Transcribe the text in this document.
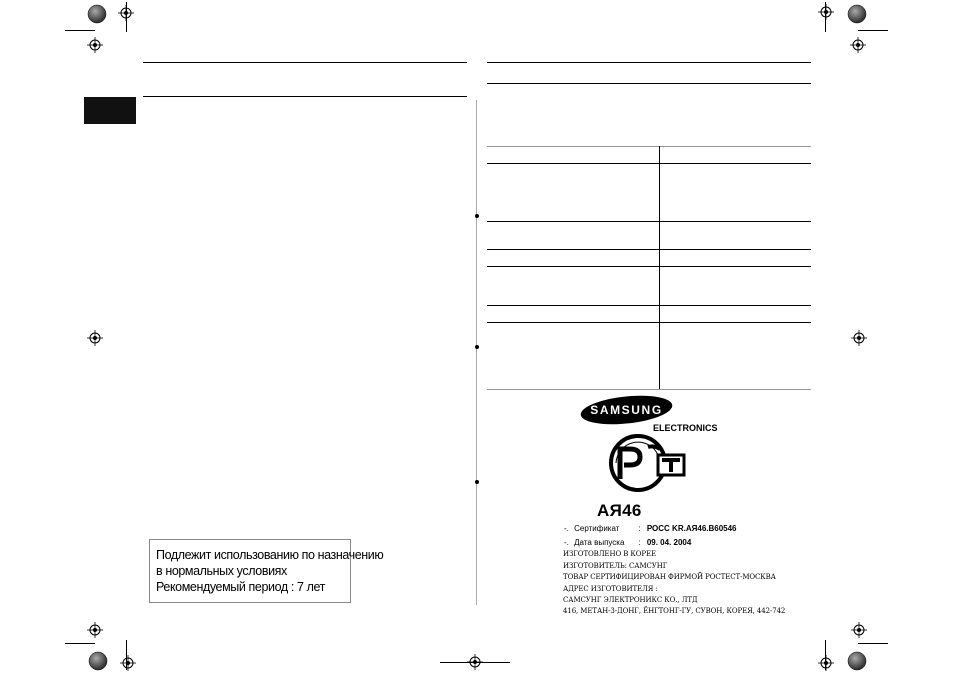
Подлежит использованию по назначению
в нормальных условиях
Рекомендуемый период : 7 лет
SAMSUNG
ELECTRONICS
АЯ46
-. Сертификат : РОСС KR.АЯ46.В60546
-. Дата выпуска : 09. 04. 2004
ИЗГОТОВЛЕНО В КОРЕЕ
ИЗГОТОВИТЕЛЬ: САМСУНГ
ТОВАР СЕРТИФИЦИРОВАН ФИРМОЙ РОСТЕСТ-МОСКВА
АДРЕС ИЗГОТОВИТЕЛЯ :
САМСУНГ ЭЛЕКТРОНИКС КО., ЛТД
416, МЕТАН-3-ДОНГ, ЁНГТОНГ-ГУ, СУВОН, КОРЕЯ, 442-742
